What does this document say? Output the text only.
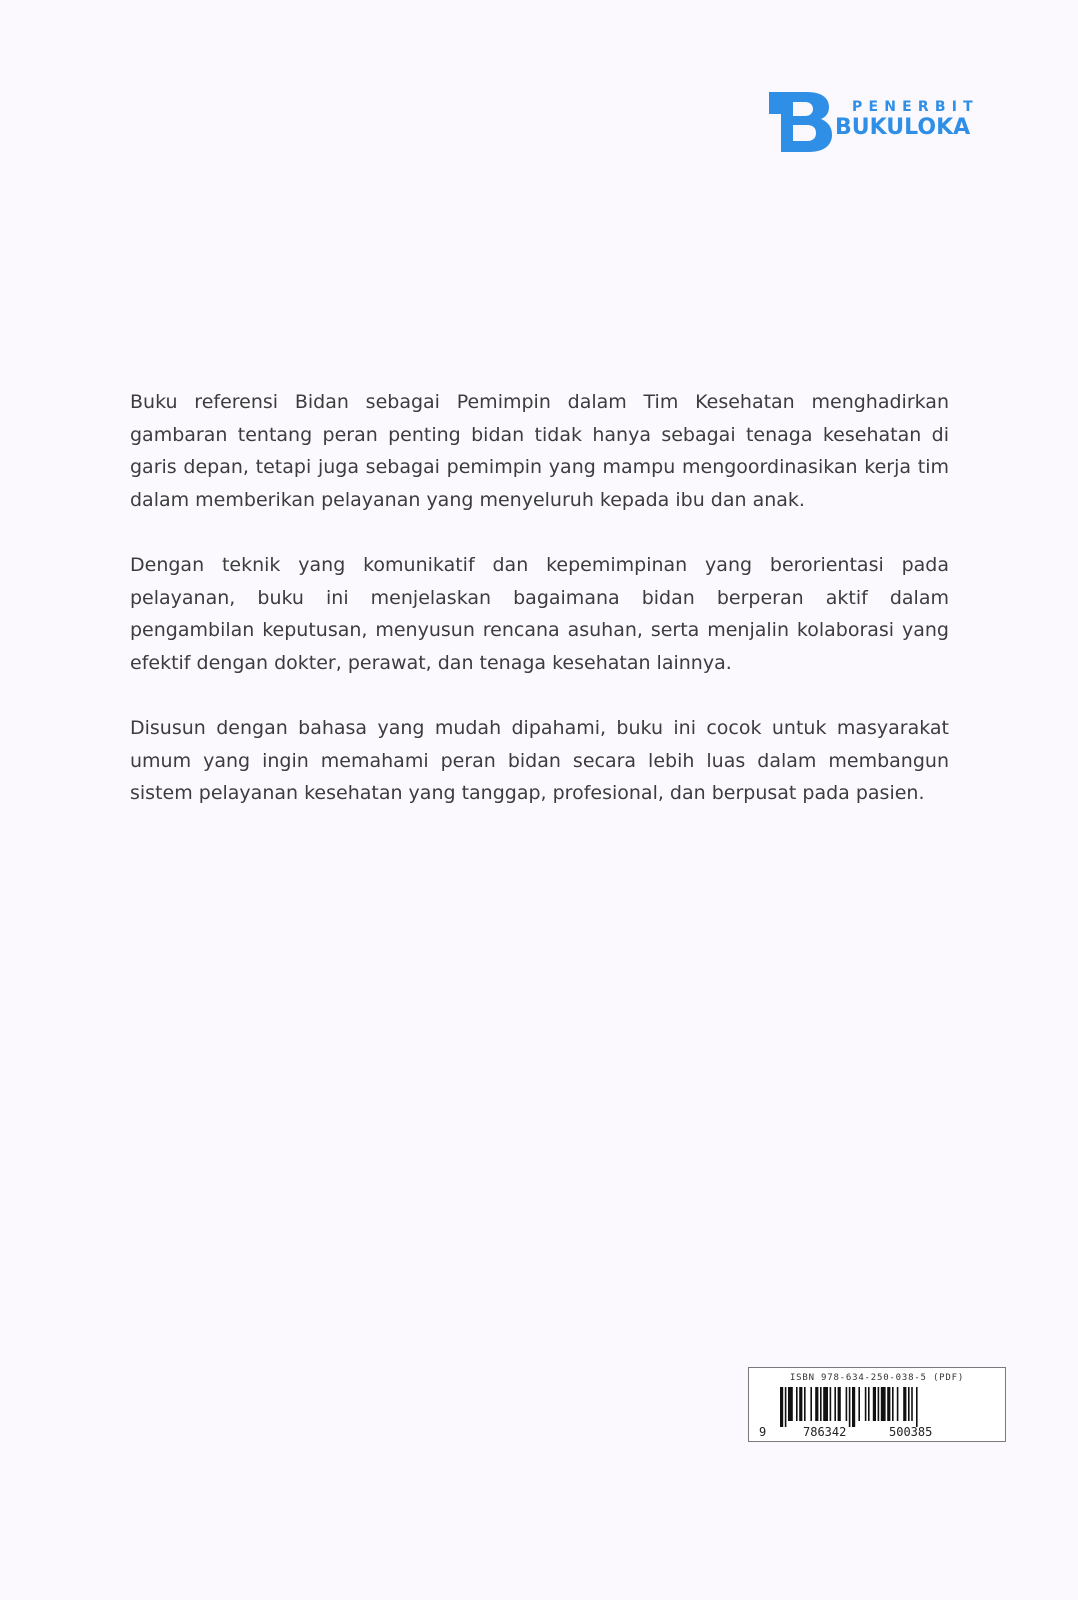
PENERBIT
BUKULOKA

Buku referensi Bidan sebagai Pemimpin dalam Tim Kesehatan menghadirkan gambaran tentang peran penting bidan tidak hanya sebagai tenaga kesehatan di garis depan, tetapi juga sebagai pemimpin yang mampu mengoordinasikan kerja tim dalam memberikan pelayanan yang menyeluruh kepada ibu dan anak.

Dengan teknik yang komunikatif dan kepemimpinan yang berorientasi pada pelayanan, buku ini menjelaskan bagaimana bidan berperan aktif dalam pengambilan keputusan, menyusun rencana asuhan, serta menjalin kolaborasi yang efektif dengan dokter, perawat, dan tenaga kesehatan lainnya.

Disusun dengan bahasa yang mudah dipahami, buku ini cocok untuk masyarakat umum yang ingin memahami peran bidan secara lebih luas dalam membangun sistem pelayanan kesehatan yang tanggap, profesional, dan berpusat pada pasien.

ISBN 978-634-250-038-5 (PDF)
9	786342	500385
